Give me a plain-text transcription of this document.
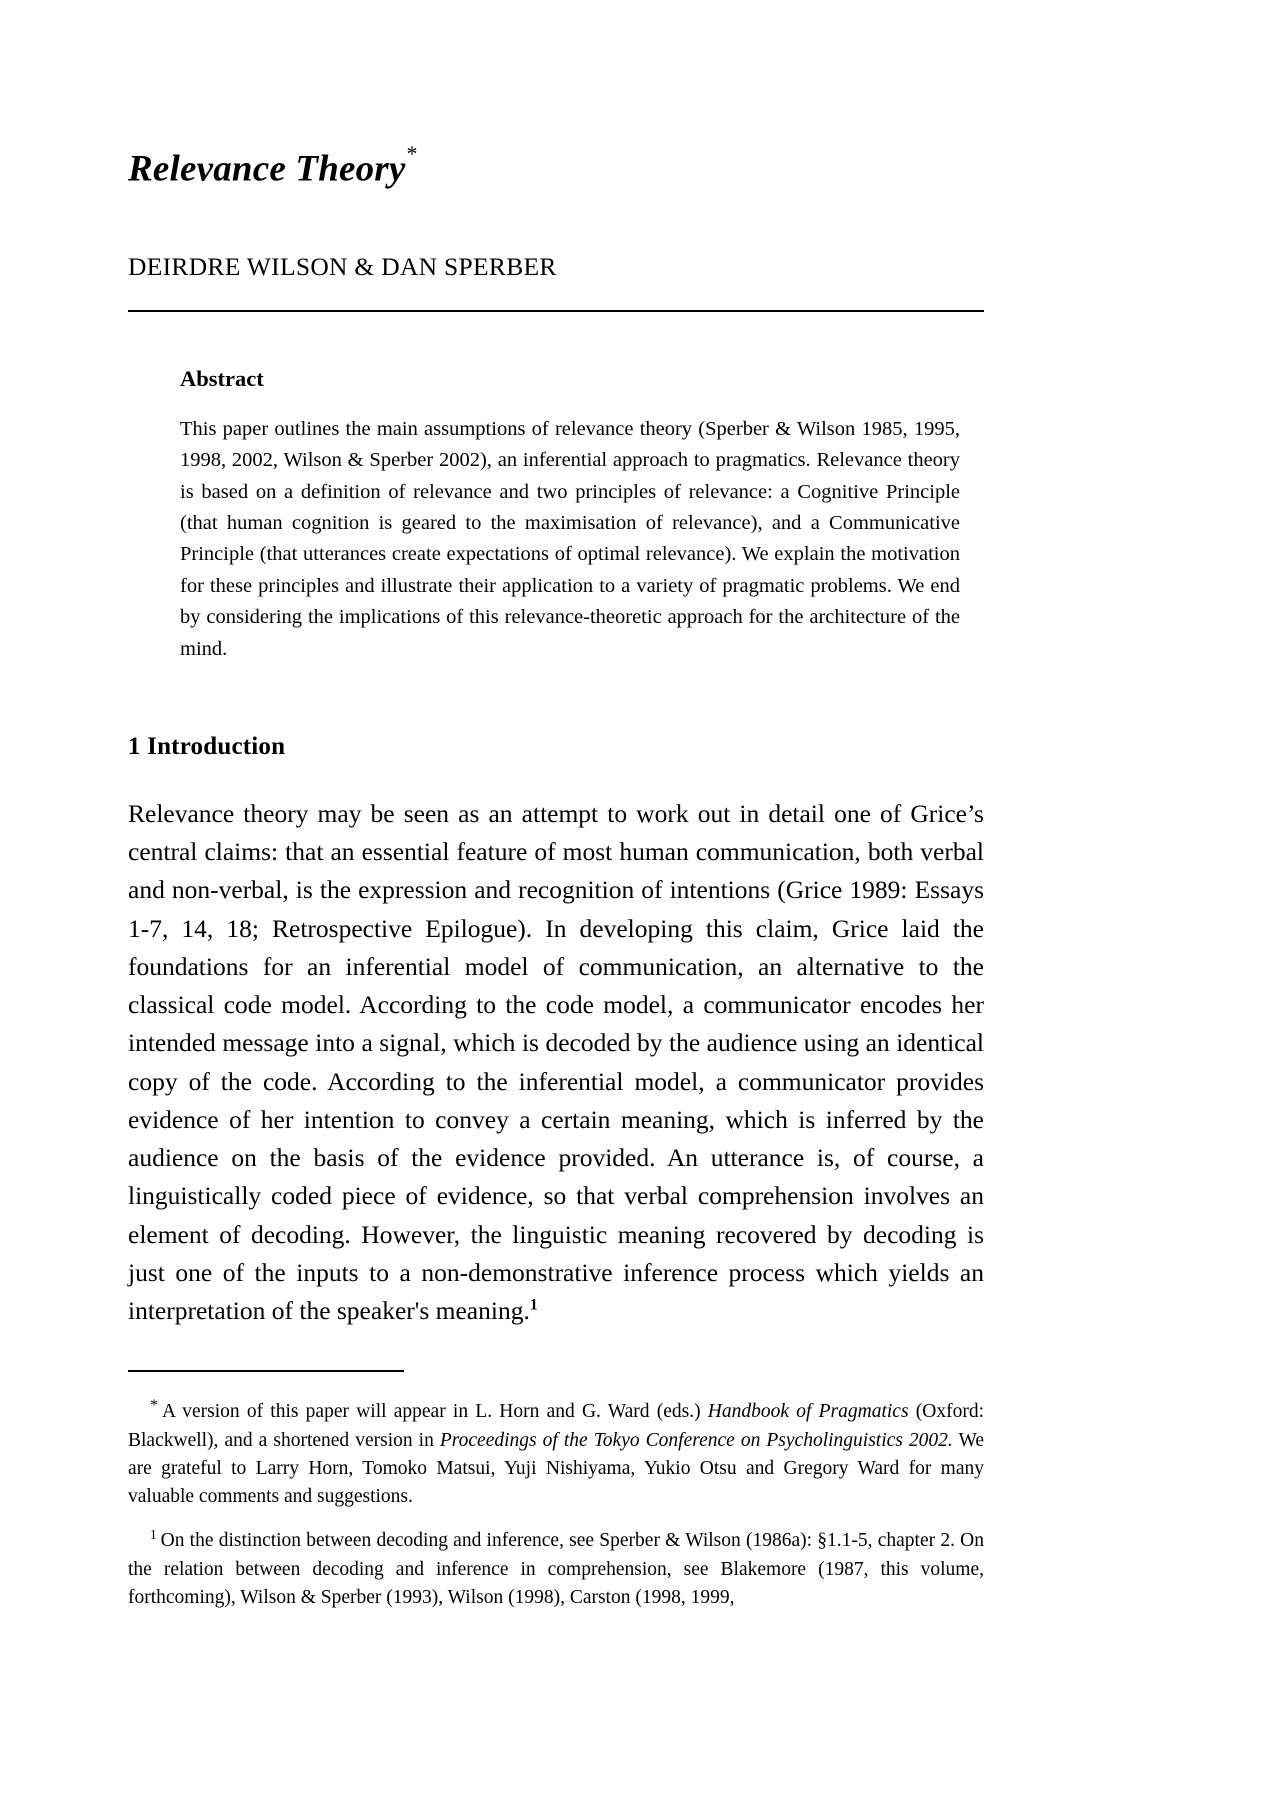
Relevance Theory*
DEIRDRE WILSON & DAN SPERBER
Abstract

This paper outlines the main assumptions of relevance theory (Sperber & Wilson 1985, 1995, 1998, 2002, Wilson & Sperber 2002), an inferential approach to pragmatics. Relevance theory is based on a definition of relevance and two principles of relevance: a Cognitive Principle (that human cognition is geared to the maximisation of relevance), and a Communicative Principle (that utterances create expectations of optimal relevance). We explain the motivation for these principles and illustrate their application to a variety of pragmatic problems. We end by considering the implications of this relevance-theoretic approach for the architecture of the mind.

1 Introduction

Relevance theory may be seen as an attempt to work out in detail one of Grice’s central claims: that an essential feature of most human communication, both verbal and non-verbal, is the expression and recognition of intentions (Grice 1989: Essays 1-7, 14, 18; Retrospective Epilogue). In developing this claim, Grice laid the foundations for an inferential model of communication, an alternative to the classical code model. According to the code model, a communicator encodes her intended message into a signal, which is decoded by the audience using an identical copy of the code. According to the inferential model, a communicator provides evidence of her intention to convey a certain meaning, which is inferred by the audience on the basis of the evidence provided. An utterance is, of course, a linguistically coded piece of evidence, so that verbal comprehension involves an element of decoding. However, the linguistic meaning recovered by decoding is just one of the inputs to a non-demonstrative inference process which yields an interpretation of the speaker's meaning.$^1$

* A version of this paper will appear in L. Horn and G. Ward (eds.) Handbook of Pragmatics (Oxford: Blackwell), and a shortened version in Proceedings of the Tokyo Conference on Psycholinguistics 2002. We are grateful to Larry Horn, Tomoko Matsui, Yuji Nishiyama, Yukio Otsu and Gregory Ward for many valuable comments and suggestions.

$^1$ On the distinction between decoding and inference, see Sperber & Wilson (1986a): §1.1-5, chapter 2. On the relation between decoding and inference in comprehension, see Blakemore (1987, this volume, forthcoming), Wilson & Sperber (1993), Wilson (1998), Carston (1998, 1999,
